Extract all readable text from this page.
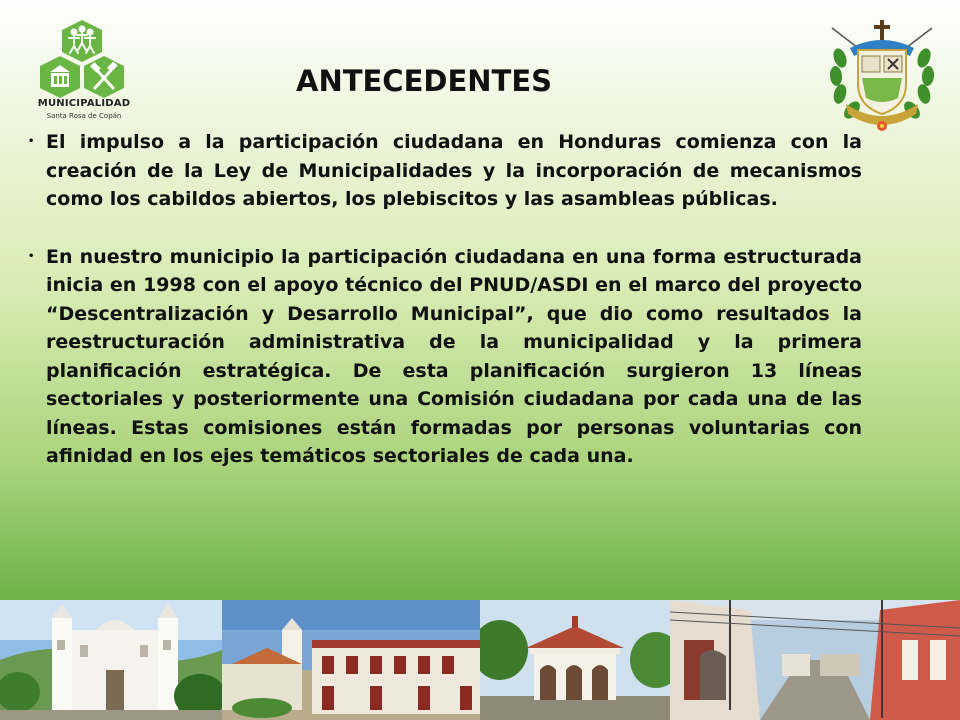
MUNICIPALIDAD
Santa Rosa de Copán
ANTECEDENTES

• El impulso a la participación ciudadana en Honduras comienza con la creación de la Ley de Municipalidades y la incorporación de mecanismos como los cabildos abiertos, los plebiscitos y las asambleas públicas.

• En nuestro municipio la participación ciudadana en una forma estructurada inicia en 1998 con el apoyo técnico del PNUD/ASDI en el marco del proyecto “Descentralización y Desarrollo Municipal”, que dio como resultados la reestructuración administrativa de la municipalidad y la primera planificación estratégica. De esta planificación surgieron 13 líneas sectoriales y posteriormente una Comisión ciudadana por cada una de las líneas. Estas comisiones están formadas por personas voluntarias con afinidad en los ejes temáticos sectoriales de cada una.
